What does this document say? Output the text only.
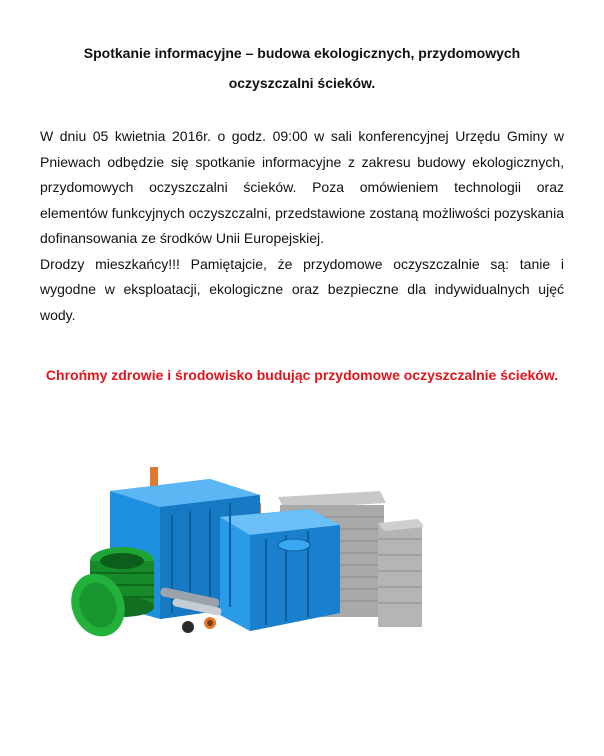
Spotkanie informacyjne – budowa ekologicznych, przydomowych oczyszczalni ścieków.

W dniu 05 kwietnia 2016r. o godz. 09:00 w sali konferencyjnej Urzędu Gminy w Pniewach odbędzie się spotkanie informacyjne z zakresu budowy ekologicznych, przydomowych oczyszczalni ścieków. Poza omówieniem technologii oraz elementów funkcyjnych oczyszczalni, przedstawione zostaną możliwości pozyskania dofinansowania ze środków Unii Europejskiej.

Drodzy mieszkańcy!!! Pamiętajcie, że przydomowe oczyszczalnie są: tanie i wygodne w eksploatacji, ekologiczne oraz bezpieczne dla indywidualnych ujęć wody.

Chrońmy zdrowie i środowisko budując przydomowe oczyszczalnie ścieków.
